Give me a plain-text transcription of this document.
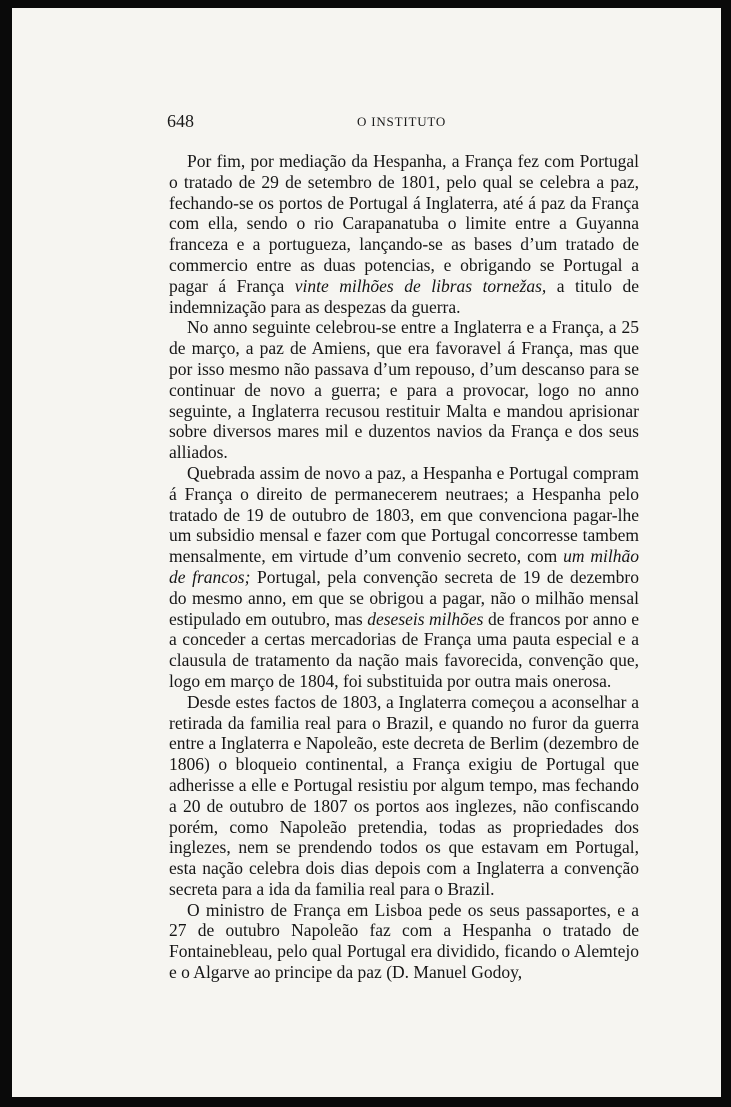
648	O INSTITUTO

Por fim, por mediação da Hespanha, a França fez com Portugal o tratado de 29 de setembro de 1801, pelo qual se celebra a paz, fechando-se os portos de Portugal á Inglaterra, até á paz da França com ella, sendo o rio Carapanatuba o limite entre a Guyanna franceza e a portugueza, lançando-se as bases d’um tratado de commercio entre as duas potencias, e obrigando se Portugal a pagar á França vinte milhões de libras tornežas, a titulo de indemnização para as despezas da guerra.

No anno seguinte celebrou-se entre a Inglaterra e a França, a 25 de março, a paz de Amiens, que era favoravel á França, mas que por isso mesmo não passava d’um repouso, d’um descanso para se continuar de novo a guerra; e para a provocar, logo no anno seguinte, a Inglaterra recusou restituir Malta e mandou aprisionar sobre diversos mares mil e duzentos navios da França e dos seus alliados.

Quebrada assim de novo a paz, a Hespanha e Portugal compram á França o direito de permanecerem neutraes; a Hespanha pelo tratado de 19 de outubro de 1803, em que convenciona pagar-lhe um subsidio mensal e fazer com que Portugal concorresse tambem mensalmente, em virtude d’um convenio secreto, com um milhão de francos; Portugal, pela convenção secreta de 19 de dezembro do mesmo anno, em que se obrigou a pagar, não o milhão mensal estipulado em outubro, mas deseseis milhões de francos por anno e a conceder a certas mercadorias de França uma pauta especial e a clausula de tratamento da nação mais favorecida, convenção que, logo em março de 1804, foi substituida por outra mais onerosa.

Desde estes factos de 1803, a Inglaterra começou a aconselhar a retirada da familia real para o Brazil, e quando no furor da guerra entre a Inglaterra e Napoleão, este decreta de Berlim (dezembro de 1806) o bloqueio continental, a França exigiu de Portugal que adherisse a elle e Portugal resistiu por algum tempo, mas fechando a 20 de outubro de 1807 os portos aos inglezes, não confiscando porém, como Napoleão pretendia, todas as propriedades dos inglezes, nem se prendendo todos os que estavam em Portugal, esta nação celebra dois dias depois com a Inglaterra a convenção secreta para a ida da familia real para o Brazil.

O ministro de França em Lisboa pede os seus passaportes, e a 27 de outubro Napoleão faz com a Hespanha o tratado de Fontainebleau, pelo qual Portugal era dividido, ficando o Alemtejo e o Algarve ao principe da paz (D. Manuel Godoy,
